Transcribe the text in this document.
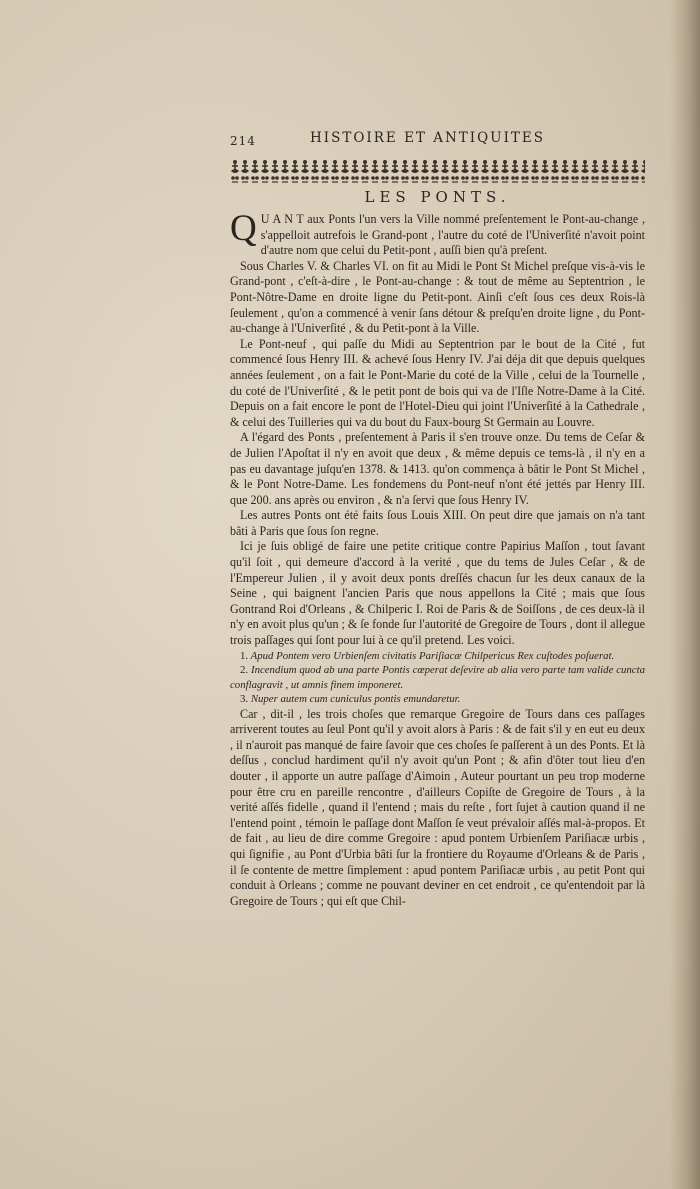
214	HISTOIRE ET ANTIQUITES
LES PONTS.

Q U A N T aux Ponts l'un vers la Ville nommé preſentement le Pont-au-change , s'appelloit autrefois le Grand-pont , l'autre du coté de l'Univerſité n'avoit point d'autre nom que celui du Petit-pont , auſſi bien qu'à preſent.

Sous Charles V. & Charles VI. on fit au Midi le Pont St Michel preſque vis-à-vis le Grand-pont , c'eſt-à-dire , le Pont-au-change : & tout de même au Septentrion , le Pont-Nôtre-Dame en droite ligne du Petit-pont. Ainſi c'eſt ſous ces deux Rois-là ſeulement , qu'on a commencé à venir ſans détour & preſqu'en droite ligne , du Pont-au-change à l'Univerſité , & du Petit-pont à la Ville.

Le Pont-neuf , qui paſſe du Midi au Septentrion par le bout de la Cité , fut commencé ſous Henry III. & achevé ſous Henry IV. J'ai déja dit que depuis quelques années ſeulement , on a fait le Pont-Marie du coté de la Ville , celui de la Tournelle , du coté de l'Univerſité , & le petit pont de bois qui va de l'Iſle Notre-Dame à la Cité. Depuis on a fait encore le pont de l'Hotel-Dieu qui joint l'Univerſité à la Cathedrale , & celui des Tuilleries qui va du bout du Faux-bourg St Germain au Louvre.

A l'égard des Ponts , preſentement à Paris il s'en trouve onze. Du tems de Ceſar & de Julien l'Apoſtat il n'y en avoit que deux , & même depuis ce tems-là , il n'y en a pas eu davantage juſqu'en 1378. & 1413. qu'on commença à bâtir le Pont St Michel , & le Pont Notre-Dame. Les fondemens du Pont-neuf n'ont été jettés par Henry III. que 200. ans après ou environ , & n'a ſervi que ſous Henry IV.

Les autres Ponts ont été faits ſous Louis XIII. On peut dire que jamais on n'a tant bâti à Paris que ſous ſon regne.

Ici je ſuis obligé de faire une petite critique contre Papirius Maſſon , tout ſavant qu'il ſoit , qui demeure d'accord à la verité , que du tems de Jules Ceſar , & de l'Empereur Julien , il y avoit deux ponts dreſſés chacun ſur les deux canaux de la Seine , qui baignent l'ancien Paris que nous appellons la Cité ; mais que ſous Gontrand Roi d'Orleans , & Chilperic I. Roi de Paris & de Soiſſons , de ces deux-là il n'y en avoit plus qu'un ; & ſe fonde ſur l'autorité de Gregoire de Tours , dont il allegue trois paſſages qui ſont pour lui à ce qu'il pretend. Les voici.

1. Apud Pontem vero Urbienſem civitatis Pariſiacæ Chilpericus Rex cuſtodes poſuerat.

2. Incendium quod ab una parte Pontis cœperat deſevire ab alia vero parte tam valide cuncta conflagravit , ut amnis finem imponeret.

3. Nuper autem cum cuniculus pontis emundaretur.

Car , dit-il , les trois choſes que remarque Gregoire de Tours dans ces paſſages arriverent toutes au ſeul Pont qu'il y avoit alors à Paris : & de fait s'il y en eut eu deux , il n'auroit pas manqué de faire ſavoir que ces choſes ſe paſſerent à un des Ponts. Et là deſſus , conclud hardiment qu'il n'y avoit qu'un Pont ; & afin d'ôter tout lieu d'en douter , il apporte un autre paſſage d'Aimoin , Auteur pourtant un peu trop moderne pour être cru en pareille rencontre , d'ailleurs Copiſte de Gregoire de Tours , à la verité aſſés fidelle , quand il l'entend ; mais du reſte , fort ſujet à caution quand il ne l'entend point , témoin le paſſage dont Maſſon ſe veut prévaloir aſſés mal-à-propos. Et de fait , au lieu de dire comme Gregoire : apud pontem Urbienſem Pariſiacæ urbis , qui ſignifie , au Pont d'Urbia bâti ſur la frontiere du Royaume d'Orleans & de Paris , il ſe contente de mettre ſimplement : apud pontem Pariſiacæ urbis , au petit Pont qui conduit à Orleans ; comme ne pouvant deviner en cet endroit , ce qu'entendoit par là Gregoire de Tours ; qui eſt que Chil-
